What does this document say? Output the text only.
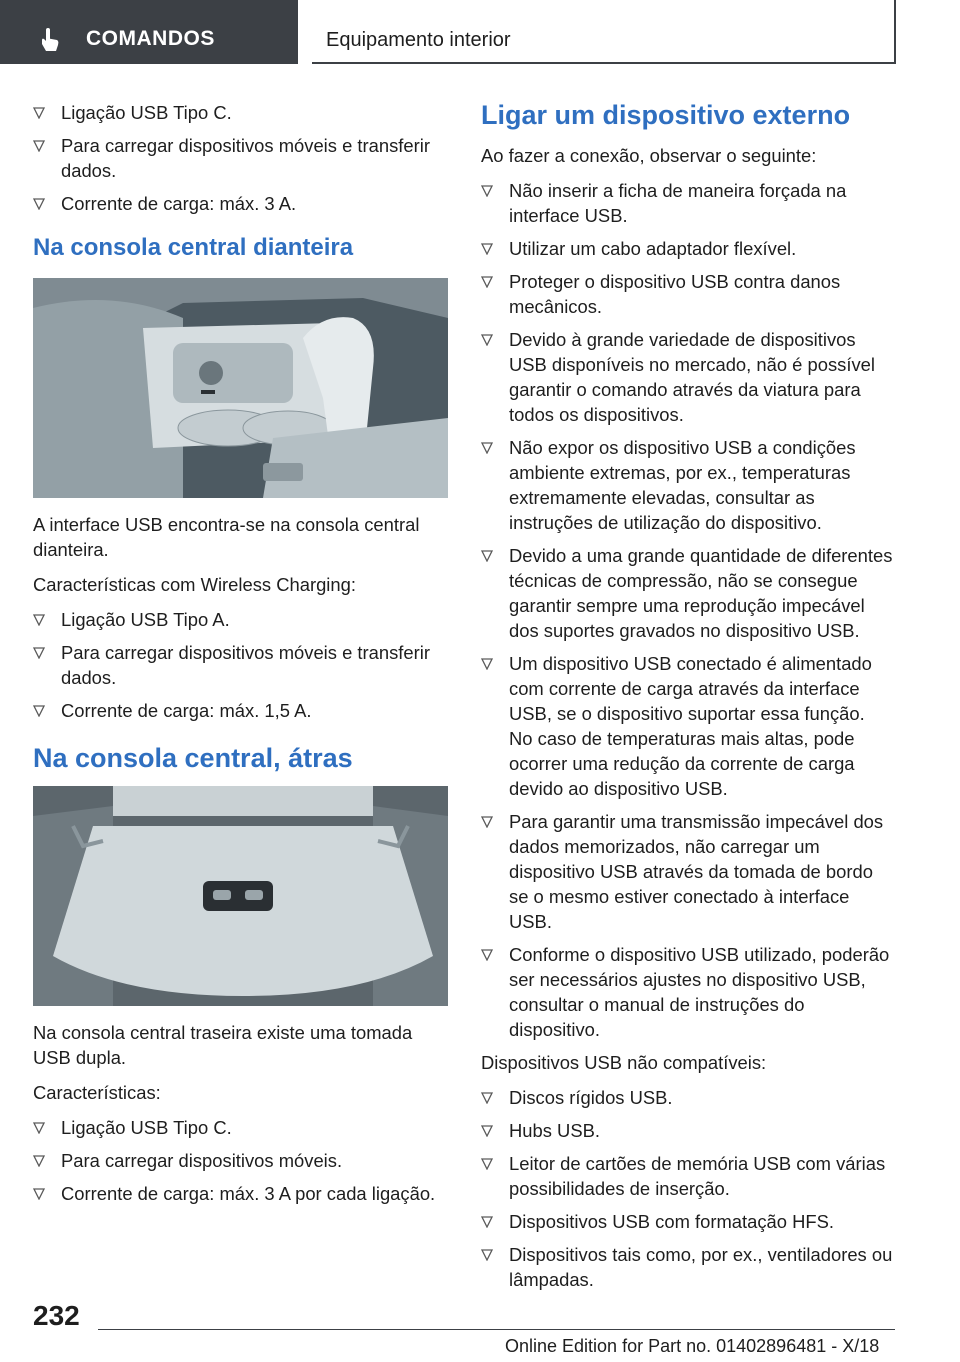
COMANDOS	Equipamento interior
Ligação USB Tipo C.
Para carregar dispositivos móveis e transferir dados.
Corrente de carga: máx. 3 A.
Na consola central dianteira

A interface USB encontra-se na consola central dianteira.

Características com Wireless Charging:

Ligação USB Tipo A.
Para carregar dispositivos móveis e transferir dados.
Corrente de carga: máx. 1,5 A.
Na consola central, átras

Na consola central traseira existe uma tomada USB dupla.

Características:

Ligação USB Tipo C.
Para carregar dispositivos móveis.
Corrente de carga: máx. 3 A por cada ligação.
Ligar um dispositivo externo

Ao fazer a conexão, observar o seguinte:

Não inserir a ficha de maneira forçada na interface USB.
Utilizar um cabo adaptador flexível.
Proteger o dispositivo USB contra danos mecânicos.
Devido à grande variedade de dispositivos USB disponíveis no mercado, não é possível garantir o comando através da viatura para todos os dispositivos.
Não expor os dispositivo USB a condições ambiente extremas, por ex., temperaturas extremamente elevadas, consultar as instruções de utilização do dispositivo.
Devido a uma grande quantidade de diferentes técnicas de compressão, não se consegue garantir sempre uma reprodução impecável dos suportes gravados no dispositivo USB.
Um dispositivo USB conectado é alimentado com corrente de carga através da interface USB, se o dispositivo suportar essa função. No caso de temperaturas mais altas, pode ocorrer uma redução da corrente de carga devido ao dispositivo USB.
Para garantir uma transmissão impecável dos dados memorizados, não carregar um dispositivo USB através da tomada de bordo se o mesmo estiver conectado à interface USB.
Conforme o dispositivo USB utilizado, poderão ser necessários ajustes no dispositivo USB, consultar o manual de instruções do dispositivo.

Dispositivos USB não compatíveis:

Discos rígidos USB.
Hubs USB.
Leitor de cartões de memória USB com várias possibilidades de inserção.
Dispositivos USB com formatação HFS.
Dispositivos tais como, por ex., ventiladores ou lâmpadas.
232
Online Edition for Part no. 01402896481 - X/18
